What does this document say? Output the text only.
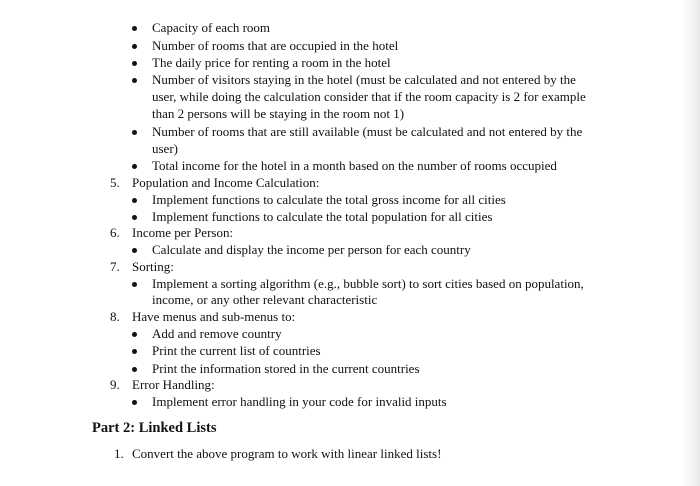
Capacity of each room
Number of rooms that are occupied in the hotel
The daily price for renting a room in the hotel
Number of visitors staying in the hotel (must be calculated and not entered by the
user, while doing the calculation consider that if the room capacity is 2 for example
than 2 persons will be staying in the room not 1)
Number of rooms that are still available (must be calculated and not entered by the
user)
Total income for the hotel in a month based on the number of rooms occupied
5. Population and Income Calculation:
Implement functions to calculate the total gross income for all cities
Implement functions to calculate the total population for all cities
6. Income per Person:
Calculate and display the income per person for each country
7. Sorting:
Implement a sorting algorithm (e.g., bubble sort) to sort cities based on population,
income, or any other relevant characteristic
8. Have menus and sub-menus to:
Add and remove country
Print the current list of countries
Print the information stored in the current countries
9. Error Handling:
Implement error handling in your code for invalid inputs
Part 2: Linked Lists
1. Convert the above program to work with linear linked lists!
